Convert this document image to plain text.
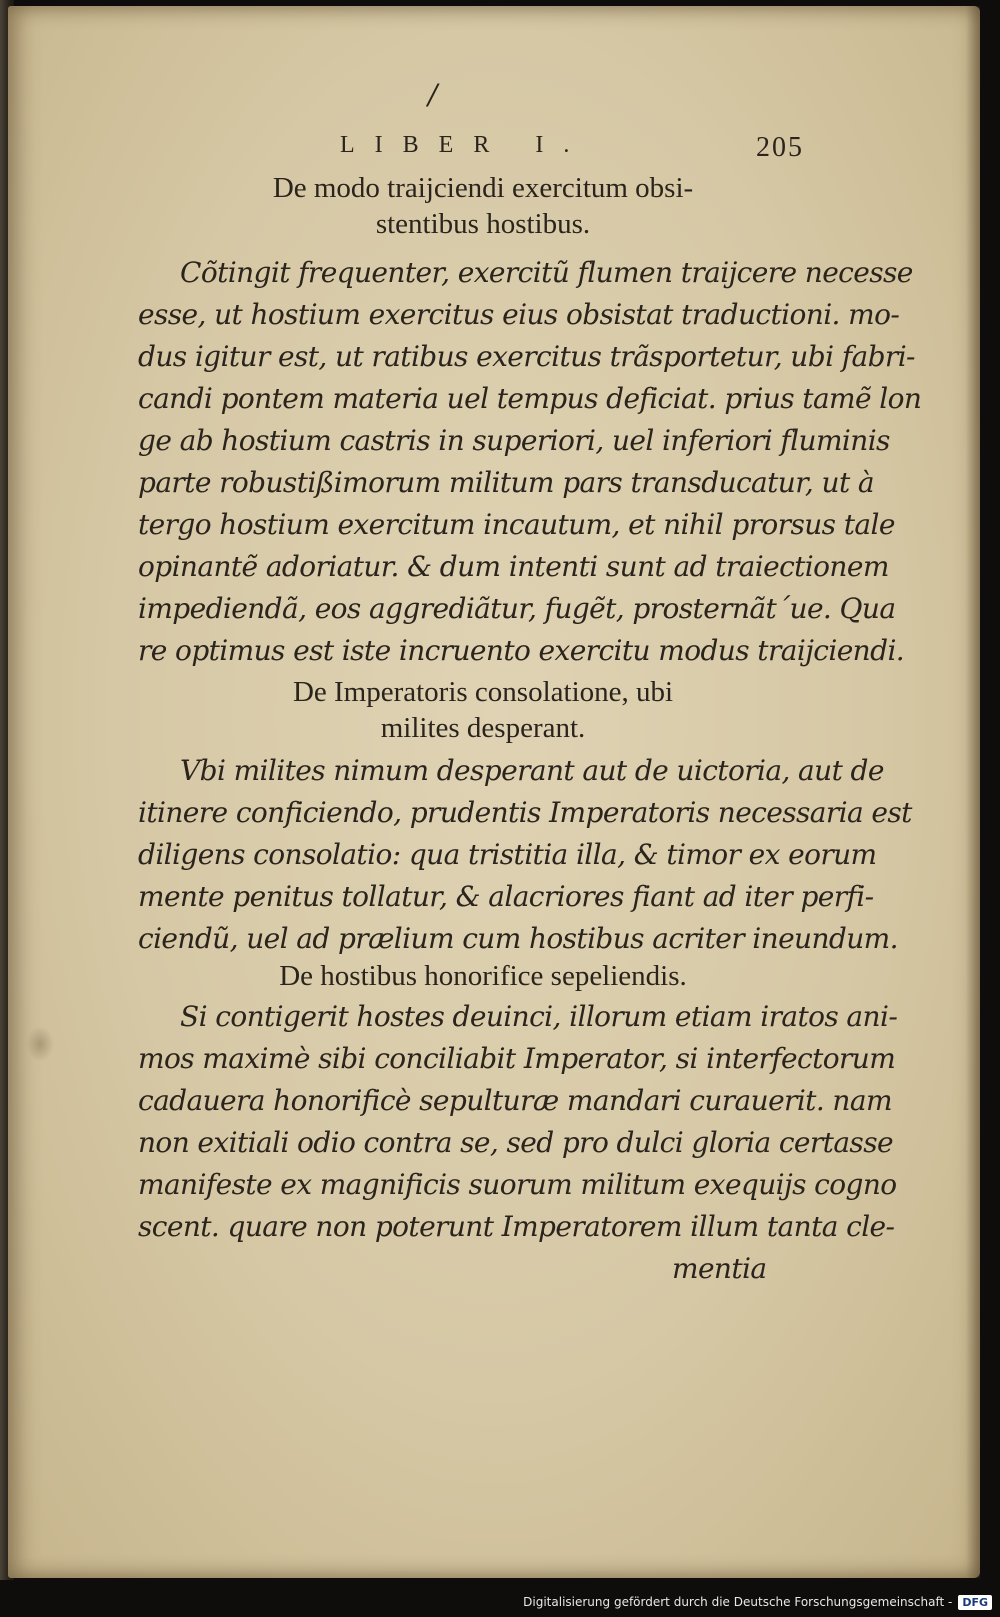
/
LIBER I.	205
De modo traijciendi exercitum obsi-
stentibus hostibus.
Cõtingit frequenter, exercitũ flumen traijcere necesse
esse, ut hostium exercitus eius obsistat traductioni. mo-
dus igitur est, ut ratibus exercitus trãsportetur, ubi fabri-
candi pontem materia uel tempus deficiat. prius tamẽ lon
ge ab hostium castris in superiori, uel inferiori fluminis
parte robustißimorum militum pars transducatur, ut à
tergo hostium exercitum incautum, et nihil prorsus tale
opinantẽ adoriatur. & dum intenti sunt ad traiectionem
impediendã, eos aggrediãtur, fugẽt, prosternãt´ue. Qua
re optimus est iste incruento exercitu modus traijciendi.
De Imperatoris consolatione, ubi
milites desperant.
Vbi milites nimum desperant aut de uictoria, aut de
itinere conficiendo, prudentis Imperatoris necessaria est
diligens consolatio: qua tristitia illa, & timor ex eorum
mente penitus tollatur, & alacriores fiant ad iter perfi-
ciendũ, uel ad prælium cum hostibus acriter ineundum.
De hostibus honorifice sepeliendis.
Si contigerit hostes deuinci, illorum etiam iratos ani-
mos maximè sibi conciliabit Imperator, si interfectorum
cadauera honorificè sepulturæ mandari curauerit. nam
non exitiali odio contra se, sed pro dulci gloria certasse
manifeste ex magnificis suorum militum exequijs cogno
scent. quare non poterunt Imperatorem illum tanta cle-
mentia
Digitalisierung gefördert durch die Deutsche Forschungsgemeinschaft - DFG
